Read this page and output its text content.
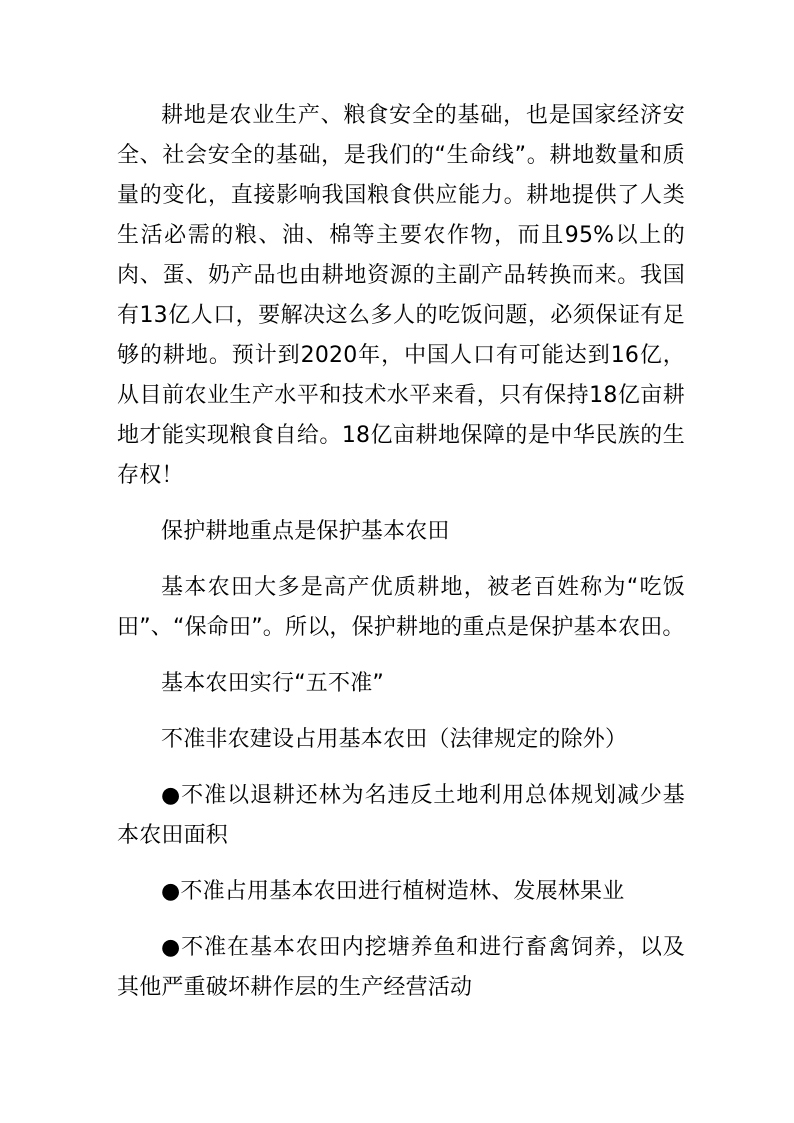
耕地是农业生产、粮食安全的基础，也是国家经济安全、社会安全的基础，是我们的“生命线”。耕地数量和质量的变化，直接影响我国粮食供应能力。耕地提供了人类生活必需的粮、油、棉等主要农作物，而且95%以上的肉、蛋、奶产品也由耕地资源的主副产品转换而来。我国有13亿人口，要解决这么多人的吃饭问题，必须保证有足够的耕地。预计到2020年，中国人口有可能达到16亿，从目前农业生产水平和技术水平来看，只有保持18亿亩耕地才能实现粮食自给。18亿亩耕地保障的是中华民族的生存权！

保护耕地重点是保护基本农田

基本农田大多是高产优质耕地，被老百姓称为“吃饭田”、“保命田”。所以，保护耕地的重点是保护基本农田。

基本农田实行“五不准”

不准非农建设占用基本农田（法律规定的除外）

●不准以退耕还林为名违反土地利用总体规划减少基本农田面积

●不准占用基本农田进行植树造林、发展林果业

●不准在基本农田内挖塘养鱼和进行畜禽饲养，以及其他严重破坏耕作层的生产经营活动
